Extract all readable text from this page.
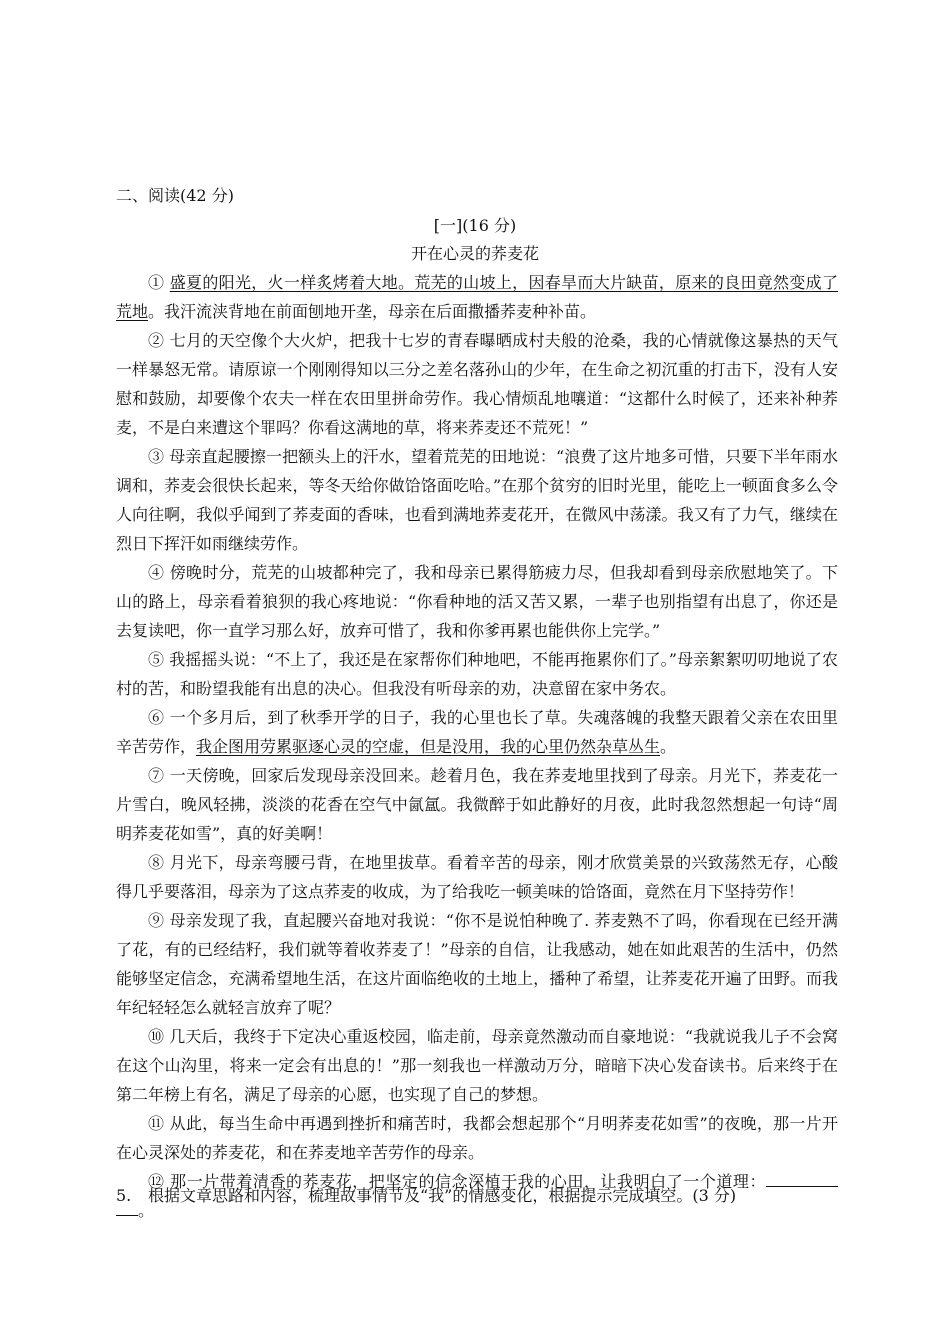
二、阅读(42 分)
[一](16 分)
开在心灵的荞麦花

① 盛夏的阳光，火一样炙烤着大地。荒芜的山坡上，因春旱而大片缺苗，原来的良田竟然变成了荒地。我汗流浃背地在前面刨地开垄，母亲在后面撒播荞麦种补苗。

② 七月的天空像个大火炉，把我十七岁的青春曝晒成村夫般的沧桑，我的心情就像这暴热的天气一样暴怒无常。请原谅一个刚刚得知以三分之差名落孙山的少年，在生命之初沉重的打击下，没有人安慰和鼓励，却要像个农夫一样在农田里拼命劳作。我心情烦乱地嚷道：“这都什么时候了，还来补种荞麦，不是白来遭这个罪吗？你看这满地的草，将来荞麦还不荒死！”

③ 母亲直起腰擦一把额头上的汗水，望着荒芜的田地说：“浪费了这片地多可惜，只要下半年雨水调和，荞麦会很快长起来，等冬天给你做饸饹面吃哈。”在那个贫穷的旧时光里，能吃上一顿面食多么令人向往啊，我似乎闻到了荞麦面的香味，也看到满地荞麦花开，在微风中荡漾。我又有了力气，继续在烈日下挥汗如雨继续劳作。

④ 傍晚时分，荒芜的山坡都种完了，我和母亲已累得筋疲力尽，但我却看到母亲欣慰地笑了。下山的路上，母亲看着狼狈的我心疼地说：“你看种地的活又苦又累，一辈子也别指望有出息了，你还是去复读吧，你一直学习那么好，放弃可惜了，我和你爹再累也能供你上完学。”

⑤ 我摇摇头说：“不上了，我还是在家帮你们种地吧，不能再拖累你们了。”母亲絮絮叨叨地说了农村的苦，和盼望我能有出息的决心。但我没有听母亲的劝，决意留在家中务农。

⑥ 一个多月后，到了秋季开学的日子，我的心里也长了草。失魂落魄的我整天跟着父亲在农田里辛苦劳作，我企图用劳累驱逐心灵的空虚，但是没用，我的心里仍然杂草丛生。

⑦ 一天傍晚，回家后发现母亲没回来。趁着月色，我在荞麦地里找到了母亲。月光下，荞麦花一片雪白，晚风轻拂，淡淡的花香在空气中氤氲。我微醉于如此静好的月夜，此时我忽然想起一句诗“周明荞麦花如雪”，真的好美啊！

⑧ 月光下，母亲弯腰弓背，在地里拔草。看着辛苦的母亲，刚才欣赏美景的兴致荡然无存，心酸得几乎要落泪，母亲为了这点荞麦的收成，为了给我吃一顿美味的饸饹面，竟然在月下坚持劳作！

⑨ 母亲发现了我，直起腰兴奋地对我说：“你不是说怕种晚了. 荞麦熟不了吗，你看现在已经开满了花，有的已经结籽，我们就等着收荞麦了！”母亲的自信，让我感动，她在如此艰苦的生活中，仍然能够坚定信念，充满希望地生活，在这片面临绝收的土地上，播种了希望，让荞麦花开遍了田野。而我年纪轻轻怎么就轻言放弃了呢？

⑩ 几天后，我终于下定决心重返校园，临走前，母亲竟然激动而自豪地说：“我就说我儿子不会窝在这个山沟里，将来一定会有出息的！”那一刻我也一样激动万分，暗暗下决心发奋读书。后来终于在第二年榜上有名，满足了母亲的心愿，也实现了自己的梦想。

⑪ 从此，每当生命中再遇到挫折和痛苦时，我都会想起那个“月明荞麦花如雪”的夜晚，那一片开在心灵深处的荞麦花，和在荞麦地辛苦劳作的母亲。

⑫ 那一片带着清香的荞麦花，把坚定的信念深植于我的心田，让我明白了一个道理：。

5. 根据文章思路和内容，梳理故事情节及“我”的情感变化，根据提示完成填空。(3 分)
